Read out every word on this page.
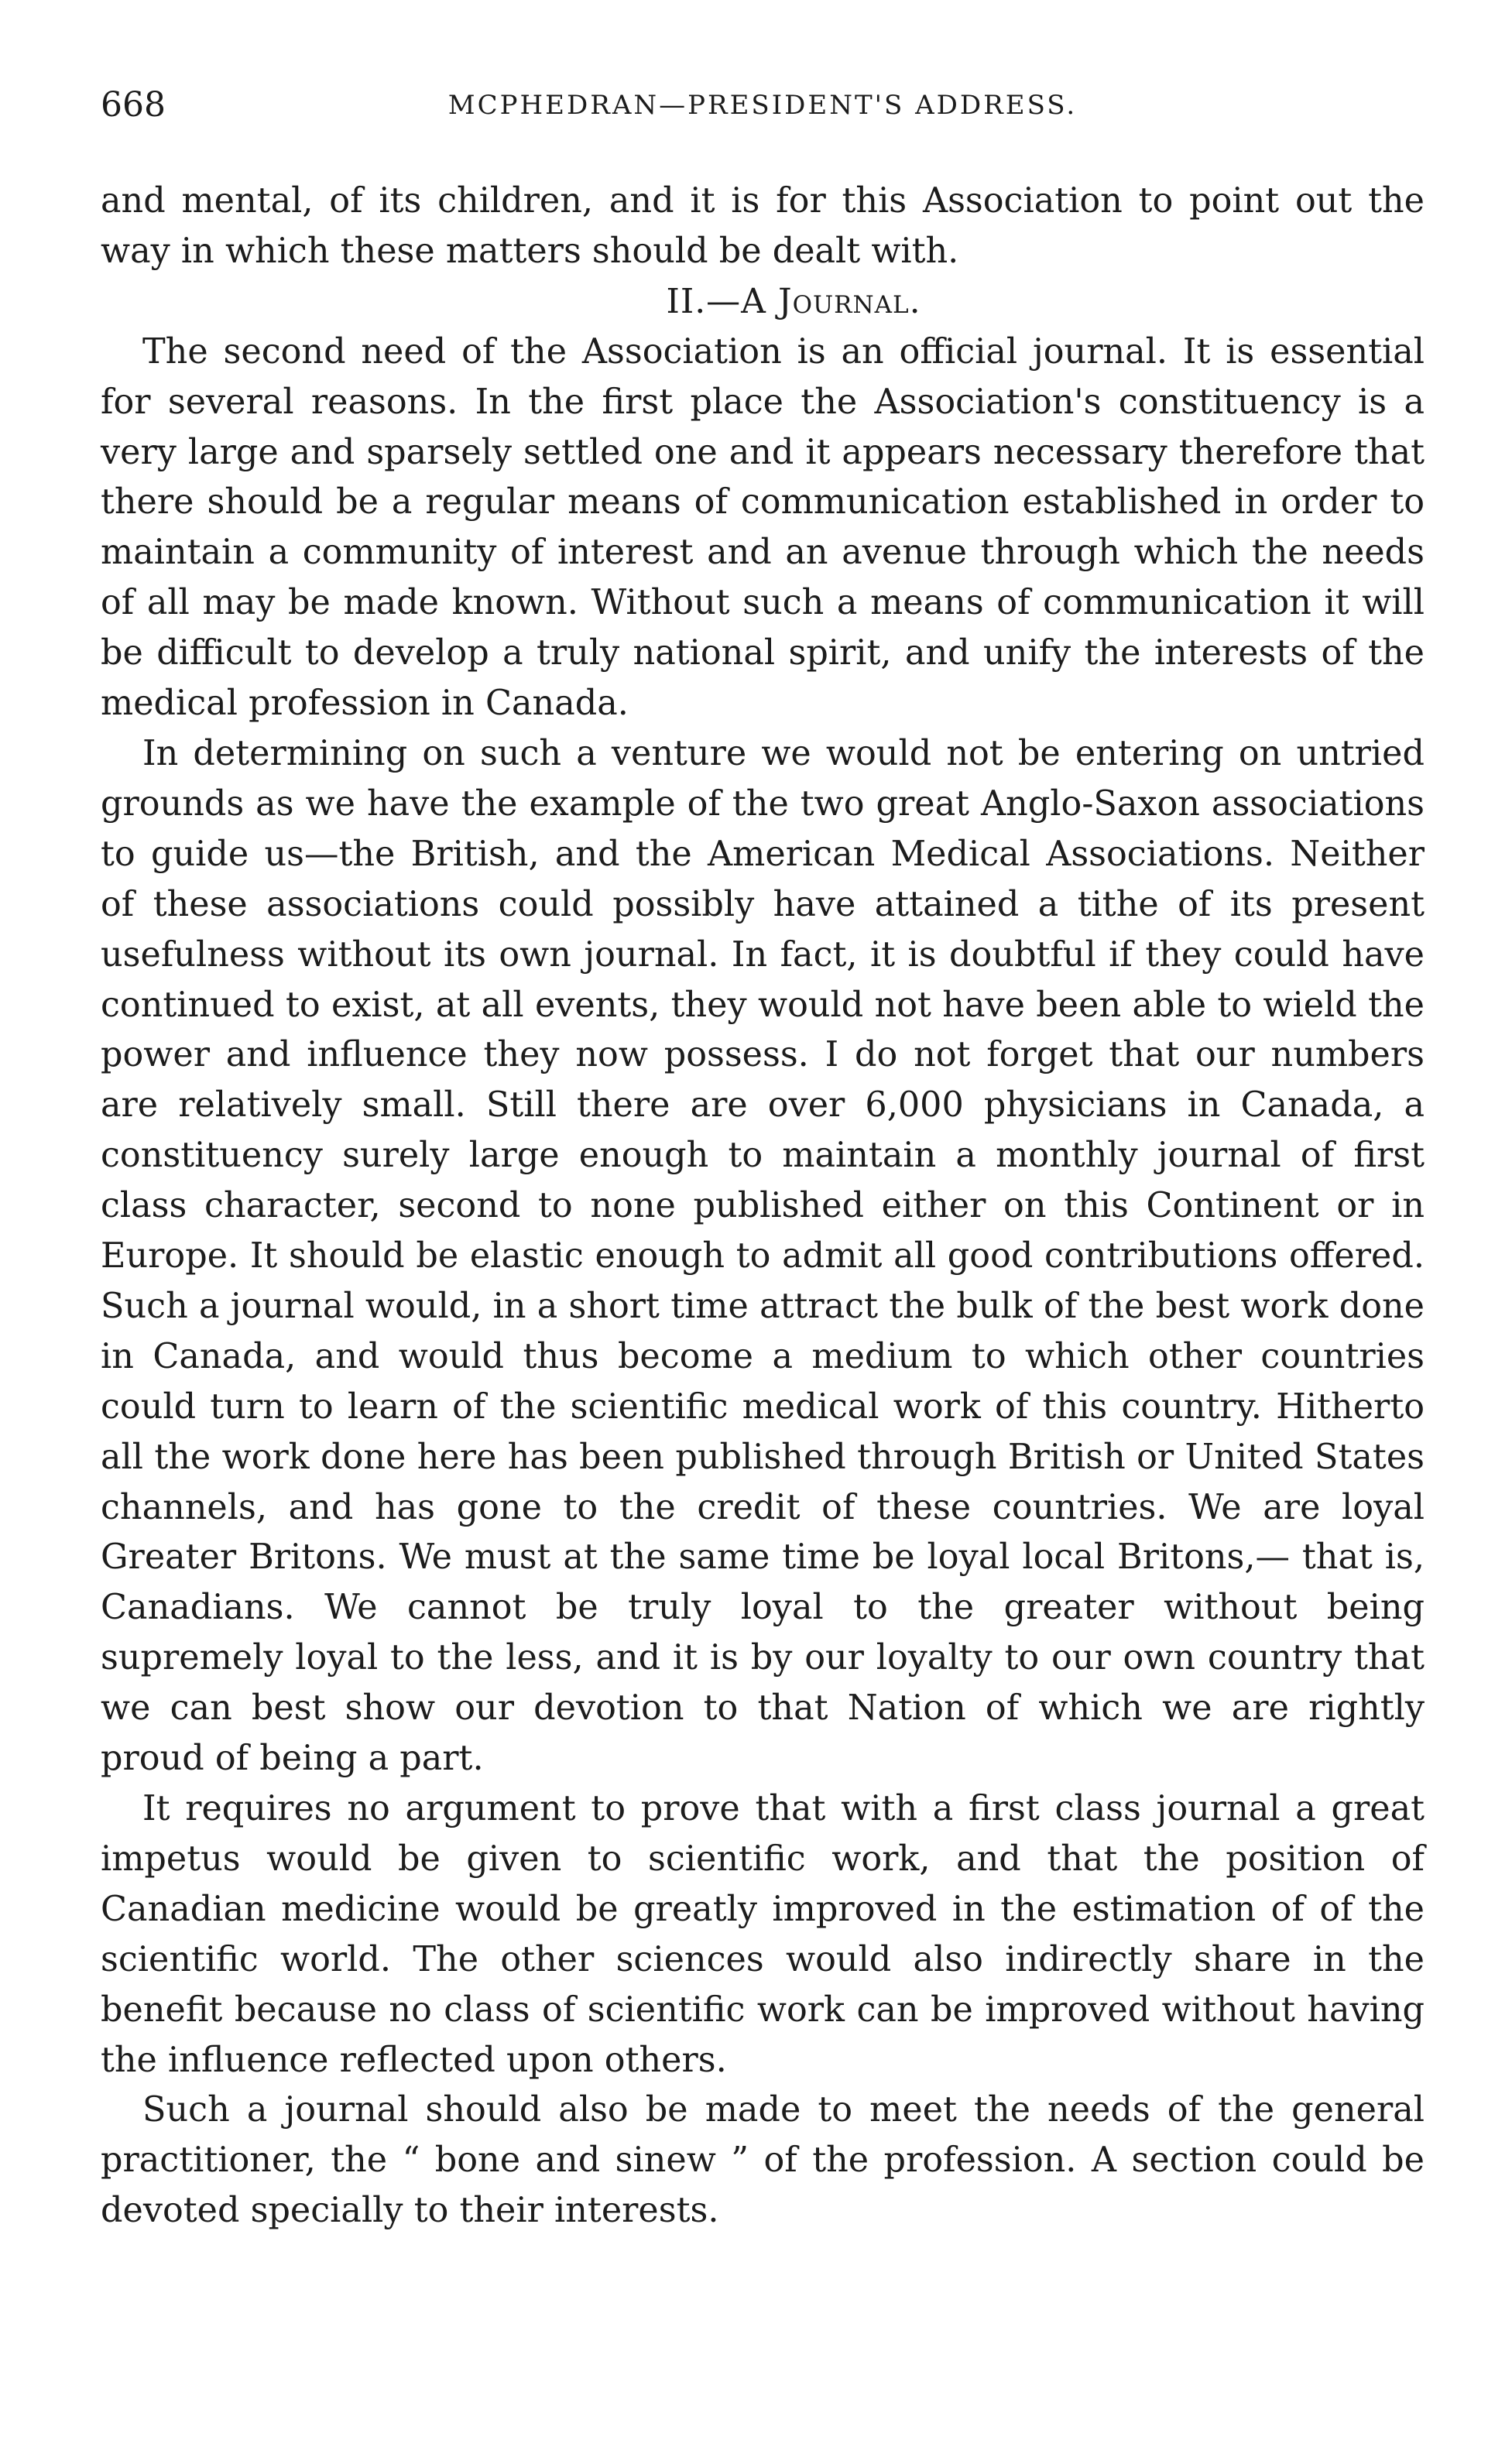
668	MCPHEDRAN—PRESIDENT'S ADDRESS.

and mental, of its children, and it is for this Association to point out the way in which these matters should be dealt with.

II.—A Journal.

The second need of the Association is an official journal. It is essential for several reasons. In the first place the Association's constituency is a very large and sparsely settled one and it appears necessary therefore that there should be a regular means of communication established in order to maintain a community of interest and an avenue through which the needs of all may be made known. Without such a means of communication it will be difficult to develop a truly national spirit, and unify the interests of the medical profession in Canada.

In determining on such a venture we would not be entering on untried grounds as we have the example of the two great Anglo-Saxon associations to guide us—the British, and the American Medical Associations. Neither of these associations could possibly have attained a tithe of its present usefulness without its own journal. In fact, it is doubtful if they could have continued to exist, at all events, they would not have been able to wield the power and influence they now possess. I do not forget that our numbers are relatively small. Still there are over 6,000 physicians in Canada, a constituency surely large enough to maintain a monthly journal of first class character, second to none published either on this Continent or in Europe. It should be elastic enough to admit all good contributions offered. Such a journal would, in a short time attract the bulk of the best work done in Canada, and would thus become a medium to which other countries could turn to learn of the scientific medical work of this country. Hitherto all the work done here has been published through British or United States channels, and has gone to the credit of these countries. We are loyal Greater Britons. We must at the same time be loyal local Britons,— that is, Canadians. We cannot be truly loyal to the greater without being supremely loyal to the less, and it is by our loyalty to our own country that we can best show our devotion to that Nation of which we are rightly proud of being a part.

It requires no argument to prove that with a first class journal a great impetus would be given to scientific work, and that the position of Canadian medicine would be greatly improved in the estimation of of the scientific world. The other sciences would also indirectly share in the benefit because no class of scientific work can be improved without having the influence reflected upon others.

Such a journal should also be made to meet the needs of the general practitioner, the “ bone and sinew ” of the profession. A section could be devoted specially to their interests.
